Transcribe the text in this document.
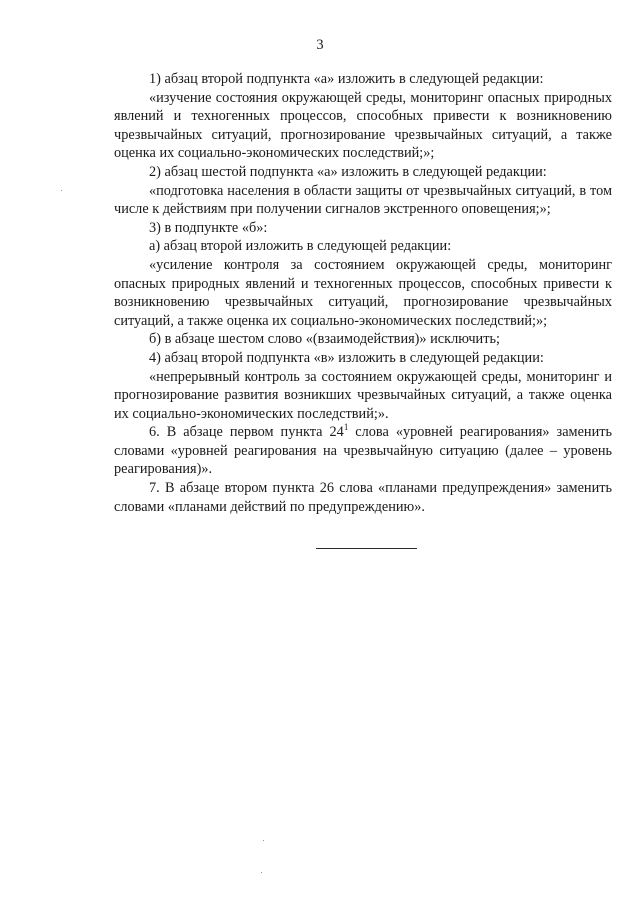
3

1) абзац второй подпункта «а» изложить в следующей редакции:

«изучение состояния окружающей среды, мониторинг опасных природных явлений и техногенных процессов, способных привести к возникновению чрезвычайных ситуаций, прогнозирование чрезвычайных ситуаций, а также оценка их социально-экономических последствий;»;

2) абзац шестой подпункта «а» изложить в следующей редакции:

«подготовка населения в области защиты от чрезвычайных ситуаций, в том числе к действиям при получении сигналов экстренного оповещения;»;

3) в подпункте «б»:

а) абзац второй изложить в следующей редакции:

«усиление контроля за состоянием окружающей среды, мониторинг опасных природных явлений и техногенных процессов, способных привести к возникновению чрезвычайных ситуаций, прогнозирование чрезвычайных ситуаций, а также оценка их социально-экономических последствий;»;

б) в абзаце шестом слово «(взаимодействия)» исключить;

4) абзац второй подпункта «в» изложить в следующей редакции:

«непрерывный контроль за состоянием окружающей среды, мониторинг и прогнозирование развития возникших чрезвычайных ситуаций, а также оценка их социально-экономических последствий;».

6. В абзаце первом пункта $24^1$ слова «уровней реагирования» заменить словами «уровней реагирования на чрезвычайную ситуацию (далее – уровень реагирования)».

7. В абзаце втором пункта 26 слова «планами предупреждения» заменить словами «планами действий по предупреждению».
